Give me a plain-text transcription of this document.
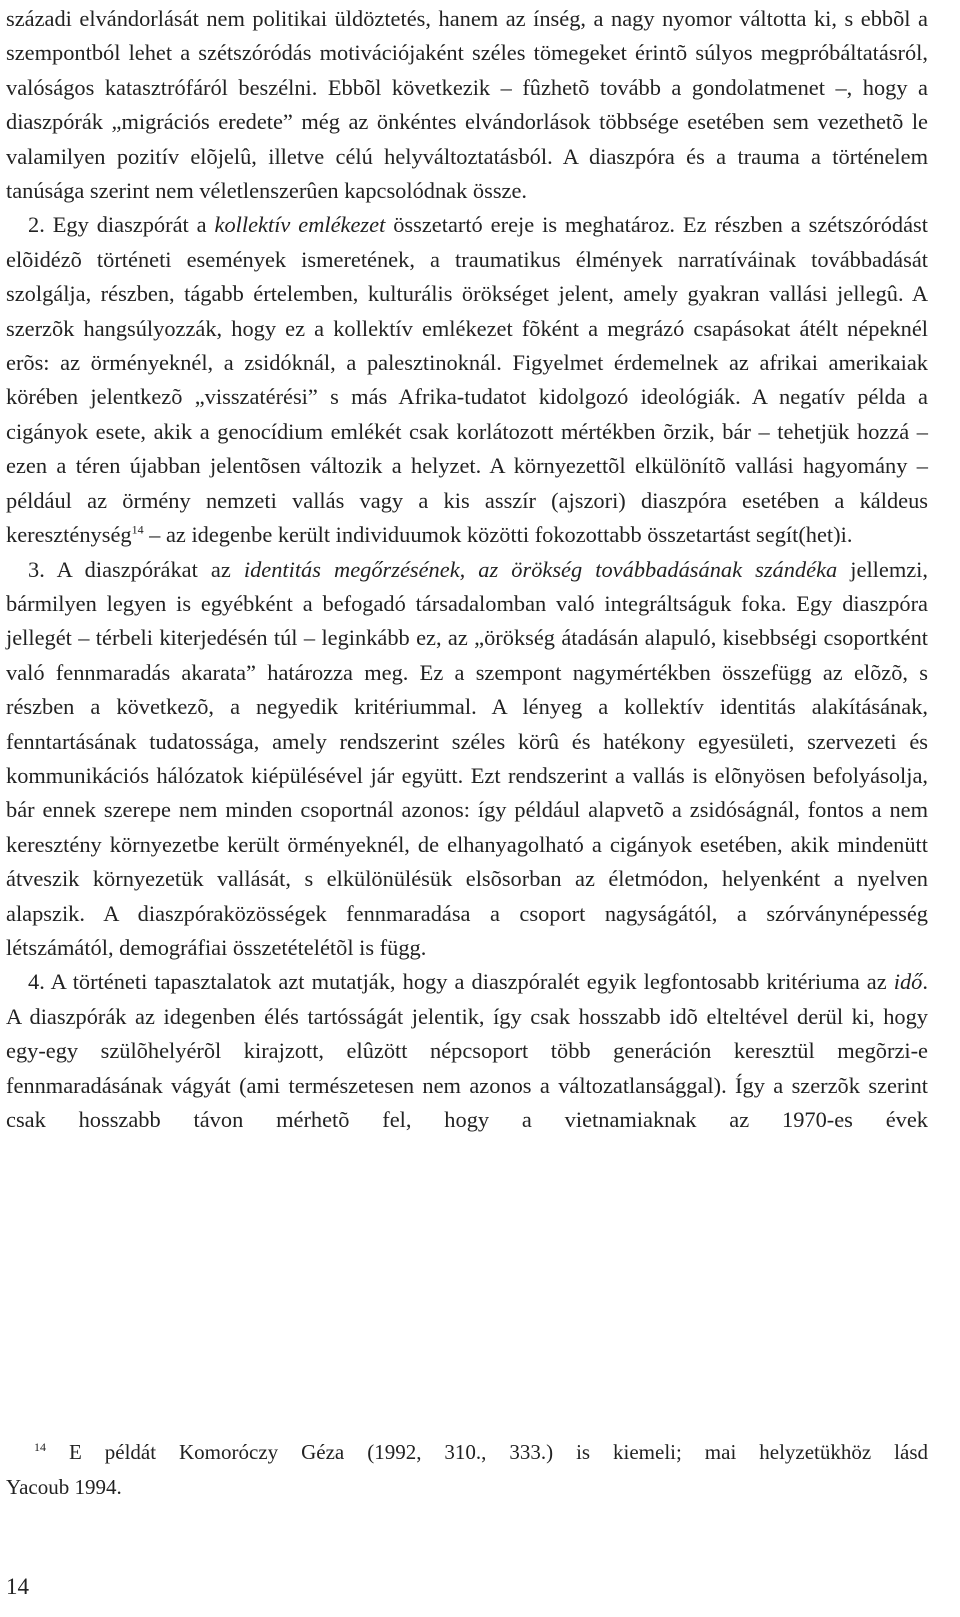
századi elvándorlását nem politikai üldöztetés, hanem az ínség, a nagy nyomor váltotta ki, s ebbõl a szempontból lehet a szétszóródás motivációjaként széles tömegeket érintõ súlyos megpróbáltatásról, valóságos katasztrófáról beszélni. Ebbõl következik – fûzhetõ tovább a gondolatmenet –, hogy a diaszpórák „migrációs eredete” még az önkéntes elvándorlások többsége esetében sem vezethetõ le valamilyen pozitív elõjelû, illetve célú helyváltoztatásból. A diaszpóra és a trauma a történelem tanúsága szerint nem véletlenszerûen kapcsolódnak össze.

2. Egy diaszpórát a kollektív emlékezet összetartó ereje is meghatároz. Ez részben a szétszóródást elõidézõ történeti események ismeretének, a traumatikus élmények narratíváinak továbbadását szolgálja, részben, tágabb értelemben, kulturális örökséget jelent, amely gyakran vallási jellegû. A szerzõk hangsúlyozzák, hogy ez a kollektív emlékezet fõként a megrázó csapásokat átélt népeknél erõs: az örményeknél, a zsidóknál, a palesztinoknál. Figyelmet érdemelnek az afrikai amerikaiak körében jelentkezõ „visszatérési” s más Afrika-tudatot kidolgozó ideológiák. A negatív példa a cigányok esete, akik a genocídium emlékét csak korlátozott mértékben õrzik, bár – tehetjük hozzá – ezen a téren újabban jelentõsen változik a helyzet. A környezettõl elkülönítõ vallási hagyomány – például az örmény nemzeti vallás vagy a kis asszír (ajszori) diaszpóra esetében a káldeus kereszténység$^{14}$ – az idegenbe került individuumok közötti fokozottabb összetartást segít(het)i.

3. A diaszpórákat az identitás megőrzésének, az örökség továbbadásának szándéka jellemzi, bármilyen legyen is egyébként a befogadó társadalomban való integráltságuk foka. Egy diaszpóra jellegét – térbeli kiterjedésén túl – leginkább ez, az „örökség átadásán alapuló, kisebbségi csoportként való fennmaradás akarata” határozza meg. Ez a szempont nagymértékben összefügg az elõzõ, s részben a következõ, a negyedik kritériummal. A lényeg a kollektív identitás alakításának, fenntartásának tudatossága, amely rendszerint széles körû és hatékony egyesületi, szervezeti és kommunikációs hálózatok kiépülésével jár együtt. Ezt rendszerint a vallás is elõnyösen befolyásolja, bár ennek szerepe nem minden csoportnál azonos: így például alapvetõ a zsidóságnál, fontos a nem keresztény környezetbe került örményeknél, de elhanyagolható a cigányok esetében, akik mindenütt átveszik környezetük vallását, s elkülönülésük elsõsorban az életmódon, helyenként a nyelven alapszik. A diaszpóraközösségek fennmaradása a csoport nagyságától, a szórványnépesség létszámától, demográfiai összetételétõl is függ.

4. A történeti tapasztalatok azt mutatják, hogy a diaszpóralét egyik legfontosabb kritériuma az idő. A diaszpórák az idegenben élés tartósságát jelentik, így csak hosszabb idõ elteltével derül ki, hogy egy-egy szülõhelyérõl kirajzott, elûzött népcsoport több generáción keresztül megõrzi-e fennmaradásának vágyát (ami természetesen nem azonos a változatlansággal). Így a szerzõk szerint csak hosszabb távon mérhetõ fel, hogy a vietnamiaknak az 1970-es évek

$^{14}$ E példát Komoróczy Géza (1992, 310., 333.) is kiemeli; mai helyzetükhöz lásd

Yacoub 1994.

14
